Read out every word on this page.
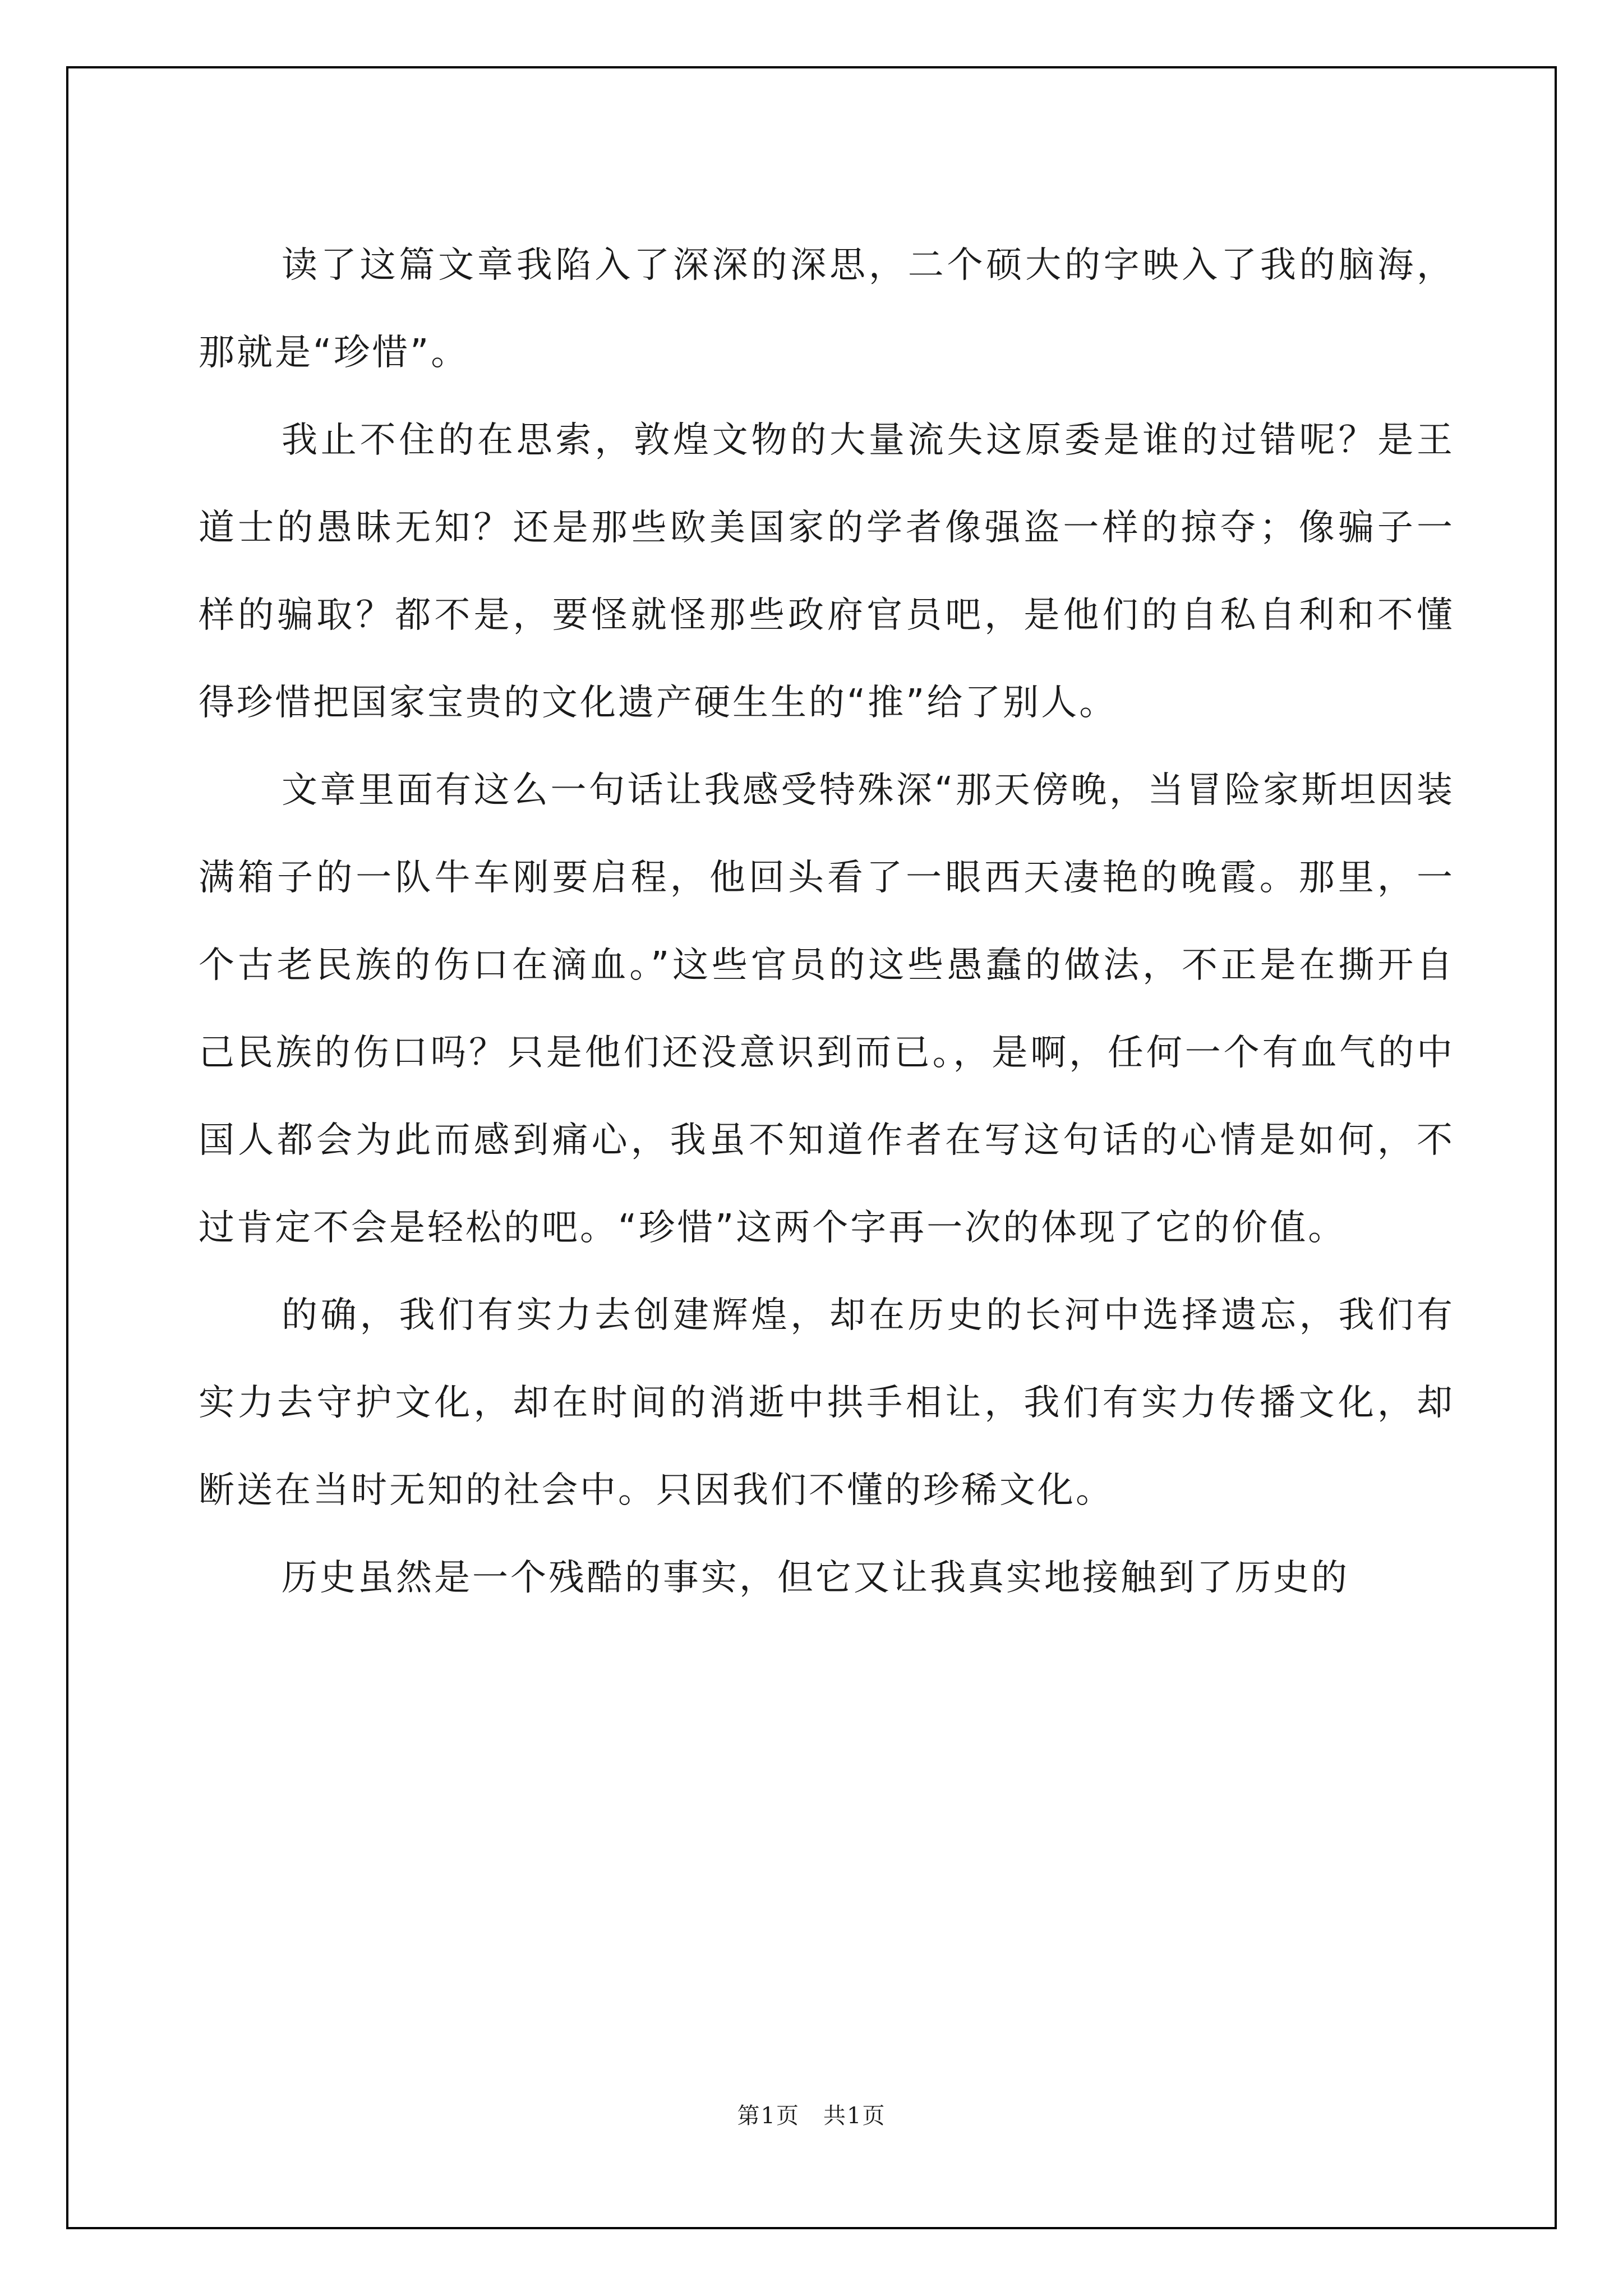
读了这篇文章我陷入了深深的深思，二个硕大的字映入了我的脑海，那就是“珍惜”。

我止不住的在思索，敦煌文物的大量流失这原委是谁的过错呢？是王道士的愚昧无知？还是那些欧美国家的学者像强盗一样的掠夺；像骗子一样的骗取？都不是，要怪就怪那些政府官员吧，是他们的自私自利和不懂得珍惜把国家宝贵的文化遗产硬生生的“推”给了别人。

文章里面有这么一句话让我感受特殊深“那天傍晚，当冒险家斯坦因装满箱子的一队牛车刚要启程，他回头看了一眼西天凄艳的晚霞。那里，一个古老民族的伤口在滴血。”这些官员的这些愚蠢的做法，不正是在撕开自己民族的伤口吗？只是他们还没意识到而已。，是啊，任何一个有血气的中国人都会为此而感到痛心，我虽不知道作者在写这句话的心情是如何，不过肯定不会是轻松的吧。“珍惜”这两个字再一次的体现了它的价值。

的确，我们有实力去创建辉煌，却在历史的长河中选择遗忘，我们有实力去守护文化，却在时间的消逝中拱手相让，我们有实力传播文化，却断送在当时无知的社会中。只因我们不懂的珍稀文化。

历史虽然是一个残酷的事实，但它又让我真实地接触到了历史的

第1页　共1页
